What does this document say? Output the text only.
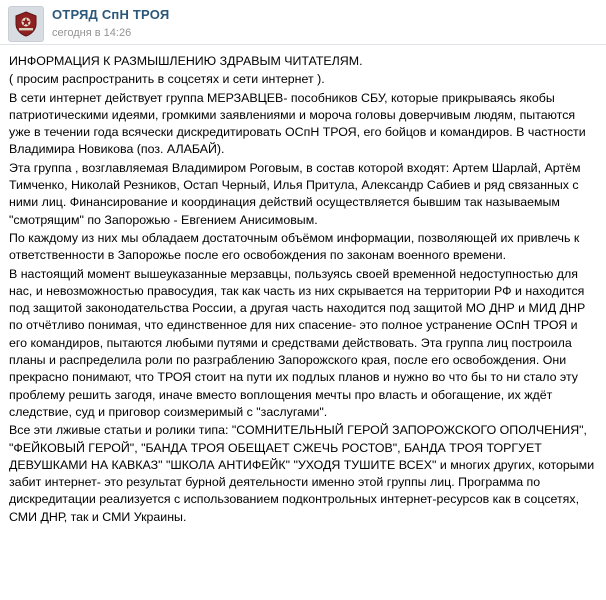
ОТРЯД СпН ТРОЯ
сегодня в 14:26

ИНФОРМАЦИЯ К РАЗМЫШЛЕНИЮ ЗДРАВЫМ ЧИТАТЕЛЯМ.

( просим распространить в соцсетях и сети интернет ).

В сети интернет действует группа МЕРЗАВЦЕВ- пособников СБУ, которые прикрываясь якобы патриотическими идеями, громкими заявлениями и морочa головы доверчивым людям, пытаются уже в течении года всячески дискредитировать ОСпН ТРОЯ, его бойцов и командиров. В частности Владимира Новикова (поз. АЛАБАЙ).

Эта группа , возглавляемая Владимиром Роговым, в состав которой входят: Артем Шарлай, Артём Тимченко, Николай Резников, Остап Черный, Илья Притула, Александр Сабиев и ряд связанных с ними лиц. Финансирование и координация действий осуществляется бывшим так называемым "смотрящим" по Запорожью - Евгением Анисимовым.

По каждому из них мы обладаем достаточным объёмом информации, позволяющей их привлечь к ответственности в Запорожье после его освобождения по законам военного времени.

В настоящий момент вышеуказанные мерзавцы, пользуясь своей временной недоступностью для нас, и невозможностью правосудия, так как часть из них скрывается на территории РФ и находится под защитой законодательства России, а другая часть находится под защитой МО ДНР и МИД ДНР по отчётливо понимая, что единственное для них спасение- это полное устранение ОСпН ТРОЯ и его командиров, пытаются любыми путями и средствами действовать. Эта группа лиц построила планы и распределила роли по разграблению Запорожского края, после его освобождения. Они прекрасно понимают, что ТРОЯ стоит на пути их подлых планов и нужно во что бы то ни стало эту проблему решить загодя, иначе вместо воплощения мечты про власть и обогащение, их ждёт следствие, суд и приговор соизмеримый с "заслугами".

Все эти лживые статьи и ролики типа: "СОМНИТЕЛЬНЫЙ ГЕРОЙ ЗАПОРОЖСКОГО ОПОЛЧЕНИЯ", "ФЕЙКОВЫЙ ГЕРОЙ", "БАНДА ТРОЯ ОБЕЩАЕТ СЖЕЧЬ РОСТОВ", БАНДА ТРОЯ ТОРГУЕТ ДЕВУШКАМИ НА КАВКАЗ" "ШКОЛА АНТИФЕЙК" "УХОДЯ ТУШИТЕ ВСЕХ" и многих других, которыми забит интернет- это результат бурной деятельности именно этой группы лиц. Программа по дискредитации реализуется с использованием подконтрольных интернет-ресурсов как в соцсетях, СМИ ДНР, так и СМИ Украины.
